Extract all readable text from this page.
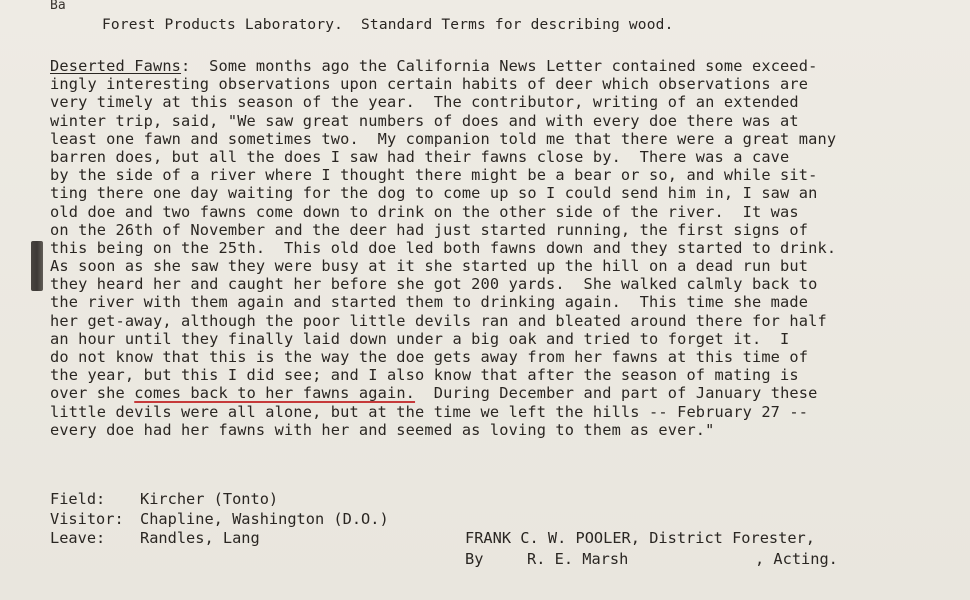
Ba
Forest Products Laboratory.  Standard Terms for describing wood.
Deserted Fawns:  Some months ago the California News Letter contained some exceed-
ingly interesting observations upon certain habits of deer which observations are
very timely at this season of the year.  The contributor, writing of an extended
winter trip, said, "We saw great numbers of does and with every doe there was at
least one fawn and sometimes two.  My companion told me that there were a great many
barren does, but all the does I saw had their fawns close by.  There was a cave
by the side of a river where I thought there might be a bear or so, and while sit-
ting there one day waiting for the dog to come up so I could send him in, I saw an
old doe and two fawns come down to drink on the other side of the river.  It was
on the 26th of November and the deer had just started running, the first signs of
this being on the 25th.  This old doe led both fawns down and they started to drink.
As soon as she saw they were busy at it she started up the hill on a dead run but
they heard her and caught her before she got 200 yards.  She walked calmly back to
the river with them again and started them to drinking again.  This time she made
her get-away, although the poor little devils ran and bleated around there for half
an hour until they finally laid down under a big oak and tried to forget it.  I
do not know that this is the way the doe gets away from her fawns at this time of
the year, but this I did see; and I also know that after the season of mating is
over she comes back to her fawns again.  During December and part of January these
little devils were all alone, but at the time we left the hills -- February 27 --
every doe had her fawns with her and seemed as loving to them as ever."
Field:	Kircher (Tonto)
Visitor:	Chapline, Washington (D.O.)
Leave:	Randles, Lang	FRANK C. W. POOLER, District Forester,
By	R. E. Marsh	, Acting.
